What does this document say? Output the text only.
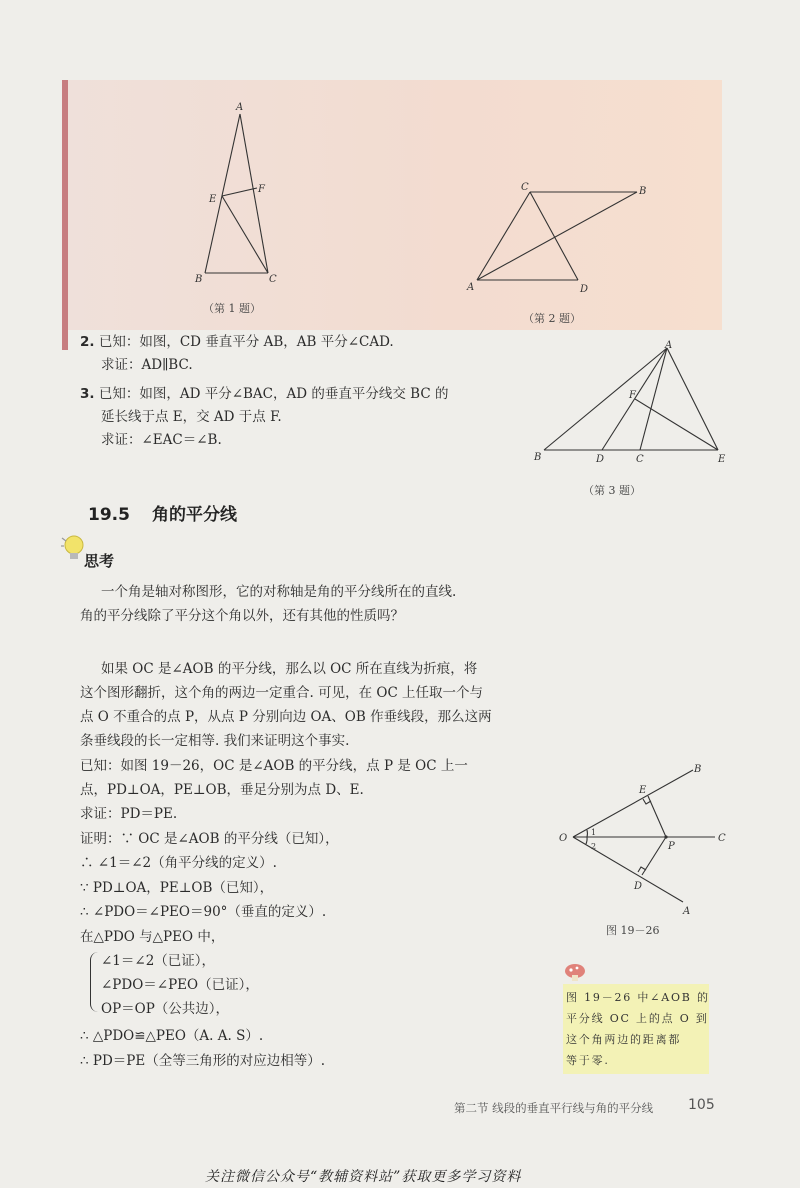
A
B	C
E
F
（第 1 题）
C	B
A	D
（第 2 题）
2. 已知：如图，CD 垂直平分 AB，AB 平分∠CAD.
求证：AD∥BC.
3. 已知：如图，AD 平分∠BAC，AD 的垂直平分线交 BC 的
延长线于点 E，交 AD 于点 F.
求证：∠EAC＝∠B.
A
B	D	C	E
F
（第 3 题）
19.5 角的平分线
思考
一个角是轴对称图形，它的对称轴是角的平分线所在的直线.
角的平分线除了平分这个角以外，还有其他的性质吗？
如果 OC 是∠AOB 的平分线，那么以 OC 所在直线为折痕，将
这个图形翻折，这个角的两边一定重合. 可见，在 OC 上任取一个与
点 O 不重合的点 P，从点 P 分别向边 OA、OB 作垂线段，那么这两
条垂线段的长一定相等. 我们来证明这个事实.
已知：如图 19－26，OC 是∠AOB 的平分线，点 P 是 OC 上一
点，PD⊥OA，PE⊥OB，垂足分别为点 D、E.
求证：PD＝PE.
证明：∵ OC 是∠AOB 的平分线（已知），
∴ ∠1＝∠2（角平分线的定义）.
∵ PD⊥OA，PE⊥OB（已知），
∴ ∠PDO＝∠PEO＝90°（垂直的定义）.
在△PDO 与△PEO 中，
∠1＝∠2（已证），
∠PDO＝∠PEO（已证），
OP＝OP（公共边），
∴ △PDO≌△PEO（A. A. S）.
∴ PD＝PE（全等三角形的对应边相等）.
O
B
C
A
E
D
P
1
2
图 19－26
图 19－26 中∠AOB 的
平分线 OC 上的点 O 到
这个角两边的距离都
等于零.
第二节 线段的垂直平行线与角的平分线 105
关注微信公众号“教辅资料站”获取更多学习资料
